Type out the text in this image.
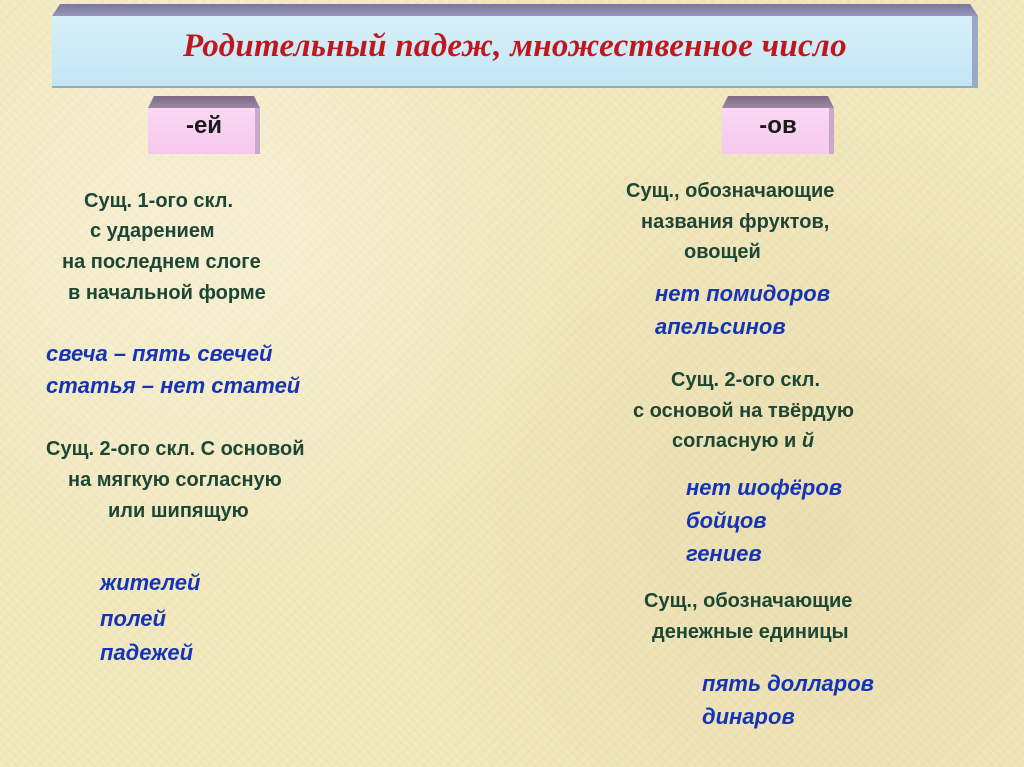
Родительный падеж, множественное число
-ей

Сущ. 1-ого скл.

с ударением

на последнем слоге

в начальной форме

свеча – пять свечей

статья – нет статей

Сущ. 2-ого скл. С основой

на мягкую согласную

или шипящую

жителей

полей

падежей

-ов

Сущ., обозначающие

названия фруктов,

овощей

нет помидоров

апельсинов

Сущ. 2-ого скл.

с основой на твёрдую

согласную и й

нет шофёров

бойцов

гениев

Сущ., обозначающие

денежные единицы

пять долларов

динаров
